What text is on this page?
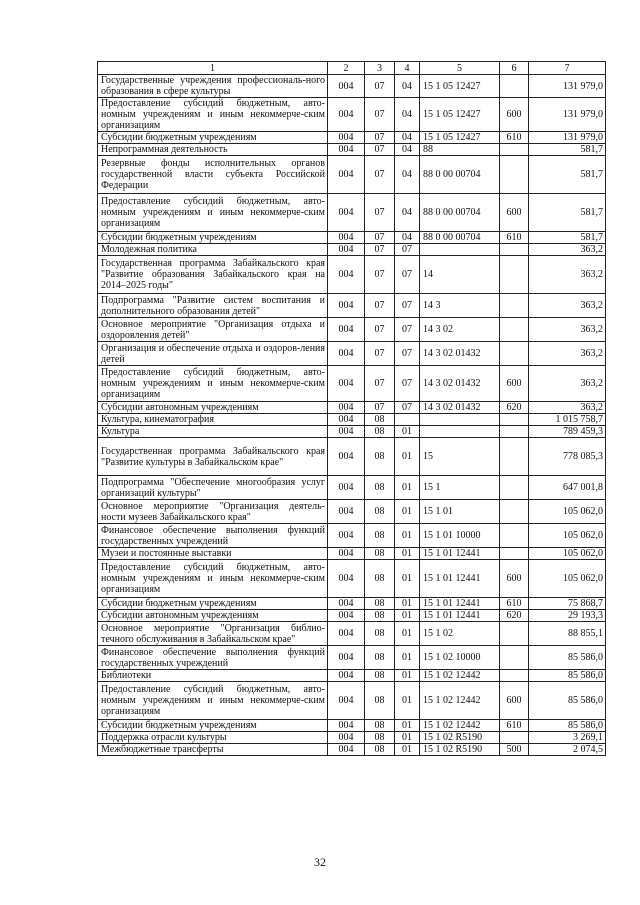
1	2	3	4	5	6	7
Государственные учреждения профессиональ-ного образования в сфере культуры	004	07	04	15 1 05 12427		131 979,0
Предоставление субсидий бюджетным, авто-номным учреждениям и иным некоммерче-ским организациям	004	07	04	15 1 05 12427	600	131 979,0
Субсидии бюджетным учреждениям	004	07	04	15 1 05 12427	610	131 979,0
Непрограммная деятельность	004	07	04	88		581,7
Резервные фонды исполнительных органов государственной власти субъекта Российской Федерации	004	07	04	88 0 00 00704		581,7
Предоставление субсидий бюджетным, авто-номным учреждениям и иным некоммерче-ским организациям	004	07	04	88 0 00 00704	600	581,7
Субсидии бюджетным учреждениям	004	07	04	88 0 00 00704	610	581,7
Молодежная политика	004	07	07			363,2
Государственная программа Забайкальского края "Развитие образования Забайкальского края на 2014–2025 годы"	004	07	07	14		363,2
Подпрограмма "Развитие систем воспитания и дополнительного образования детей"	004	07	07	14 3		363,2
Основное мероприятие "Организация отдыха и оздоровления детей"	004	07	07	14 3 02		363,2
Организация и обеспечение отдыха и оздоров-ления детей	004	07	07	14 3 02 01432		363,2
Предоставление субсидий бюджетным, авто-номным учреждениям и иным некоммерче-ским организациям	004	07	07	14 3 02 01432	600	363,2
Субсидии автономным учреждениям	004	07	07	14 3 02 01432	620	363,2
Культура, кинематография	004	08				1 015 758,7
Культура	004	08	01			789 459,3
Государственная программа Забайкальского края "Развитие культуры в Забайкальском крае"	004	08	01	15		778 085,3
Подпрограмма "Обеспечение многообразия услуг организаций культуры"	004	08	01	15 1		647 001,8
Основное мероприятие "Организация деятель-ности музеев Забайкальского края"	004	08	01	15 1 01		105 062,0
Финансовое обеспечение выполнения функций государственных учреждений	004	08	01	15 1 01 10000		105 062,0
Музеи и постоянные выставки	004	08	01	15 1 01 12441		105 062,0
Предоставление субсидий бюджетным, авто-номным учреждениям и иным некоммерче-ским организациям	004	08	01	15 1 01 12441	600	105 062,0
Субсидии бюджетным учреждениям	004	08	01	15 1 01 12441	610	75 868,7
Субсидии автономным учреждениям	004	08	01	15 1 01 12441	620	29 193,3
Основное мероприятие "Организация библио-течного обслуживания в Забайкальском крае"	004	08	01	15 1 02		88 855,1
Финансовое обеспечение выполнения функций государственных учреждений	004	08	01	15 1 02 10000		85 586,0
Библиотеки	004	08	01	15 1 02 12442		85 586,0
Предоставление субсидий бюджетным, авто-номным учреждениям и иным некоммерче-ским организациям	004	08	01	15 1 02 12442	600	85 586,0
Субсидии бюджетным учреждениям	004	08	01	15 1 02 12442	610	85 586,0
Поддержка отрасли культуры	004	08	01	15 1 02 R5190		3 269,1
Межбюджетные трансферты	004	08	01	15 1 02 R5190	500	2 074,5
32
